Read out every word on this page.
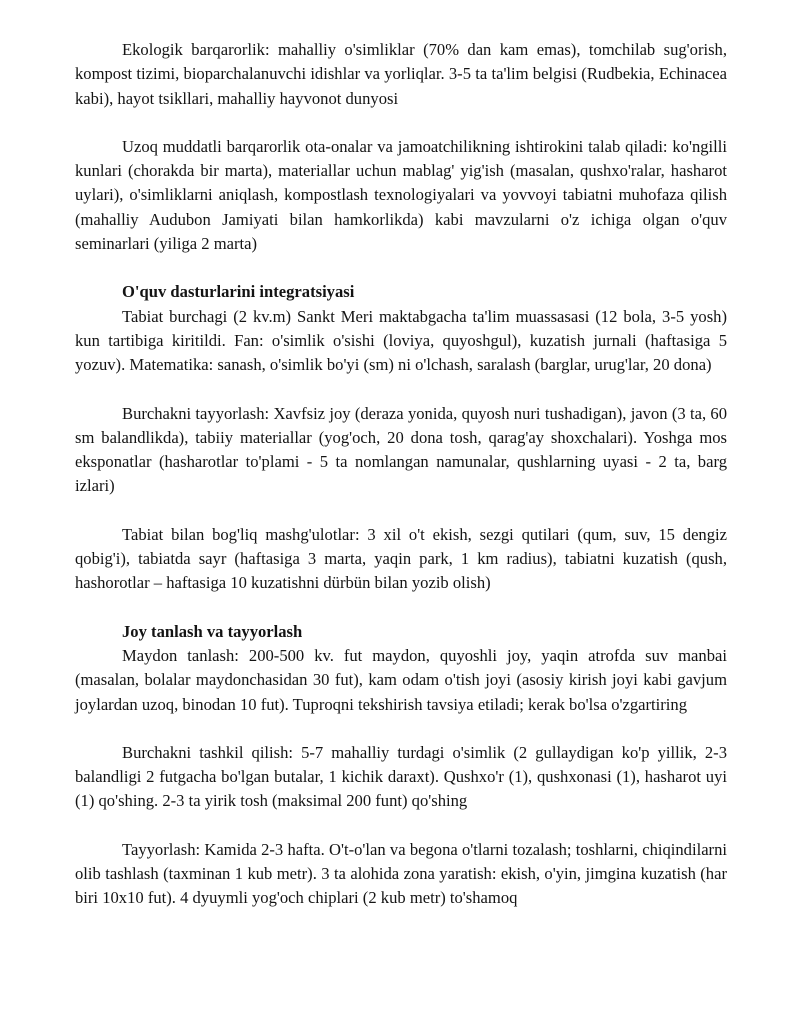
Ekologik barqarorlik: mahalliy o'simliklar (70% dan kam emas), tomchilab sug'orish, kompost tizimi, bioparchalanuvchi idishlar va yorliqlar. 3-5 ta ta'lim belgisi (Rudbekia, Echinacea kabi), hayot tsikllari, mahalliy hayvonot dunyosi

Uzoq muddatli barqarorlik ota-onalar va jamoatchilikning ishtirokini talab qiladi: ko'ngilli kunlari (chorakda bir marta), materiallar uchun mablag' yig'ish (masalan, qushxo'ralar, hasharot uylari), o'simliklarni aniqlash, kompostlash texnologiyalari va yovvoyi tabiatni muhofaza qilish (mahalliy Audubon Jamiyati bilan hamkorlikda) kabi mavzularni o'z ichiga olgan o'quv seminarlari (yiliga 2 marta)

O'quv dasturlarini integratsiyasi

Tabiat burchagi (2 kv.m) Sankt Meri maktabgacha ta'lim muassasasi (12 bola, 3-5 yosh) kun tartibiga kiritildi. Fan: o'simlik o'sishi (loviya, quyoshgul), kuzatish jurnali (haftasiga 5 yozuv). Matematika: sanash, o'simlik bo'yi (sm) ni o'lchash, saralash (barglar, urug'lar, 20 dona)

Burchakni tayyorlash: Xavfsiz joy (deraza yonida, quyosh nuri tushadigan), javon (3 ta, 60 sm balandlikda), tabiiy materiallar (yog'och, 20 dona tosh, qarag'ay shoxchalari). Yoshga mos eksponatlar (hasharotlar to'plami - 5 ta nomlangan namunalar, qushlarning uyasi - 2 ta, barg izlari)

Tabiat bilan bog'liq mashg'ulotlar: 3 xil o't ekish, sezgi qutilari (qum, suv, 15 dengiz qobig'i), tabiatda sayr (haftasiga 3 marta, yaqin park, 1 km radius), tabiatni kuzatish (qush, hashorotlar – haftasiga 10 kuzatishni dürbün bilan yozib olish)

Joy tanlash va tayyorlash

Maydon tanlash: 200-500 kv. fut maydon, quyoshli joy, yaqin atrofda suv manbai (masalan, bolalar maydonchasidan 30 fut), kam odam o'tish joyi (asosiy kirish joyi kabi gavjum joylardan uzoq, binodan 10 fut). Tuproqni tekshirish tavsiya etiladi; kerak bo'lsa o'zgartiring

Burchakni tashkil qilish: 5-7 mahalliy turdagi o'simlik (2 gullaydigan ko'p yillik, 2-3 balandligi 2 futgacha bo'lgan butalar, 1 kichik daraxt). Qushxo'r (1), qushxonasi (1), hasharot uyi (1) qo'shing. 2-3 ta yirik tosh (maksimal 200 funt) qo'shing

Tayyorlash: Kamida 2-3 hafta. O't-o'lan va begona o'tlarni tozalash; toshlarni, chiqindilarni olib tashlash (taxminan 1 kub metr). 3 ta alohida zona yaratish: ekish, o'yin, jimgina kuzatish (har biri 10x10 fut). 4 dyuymli yog'och chiplari (2 kub metr) to'shamoq
